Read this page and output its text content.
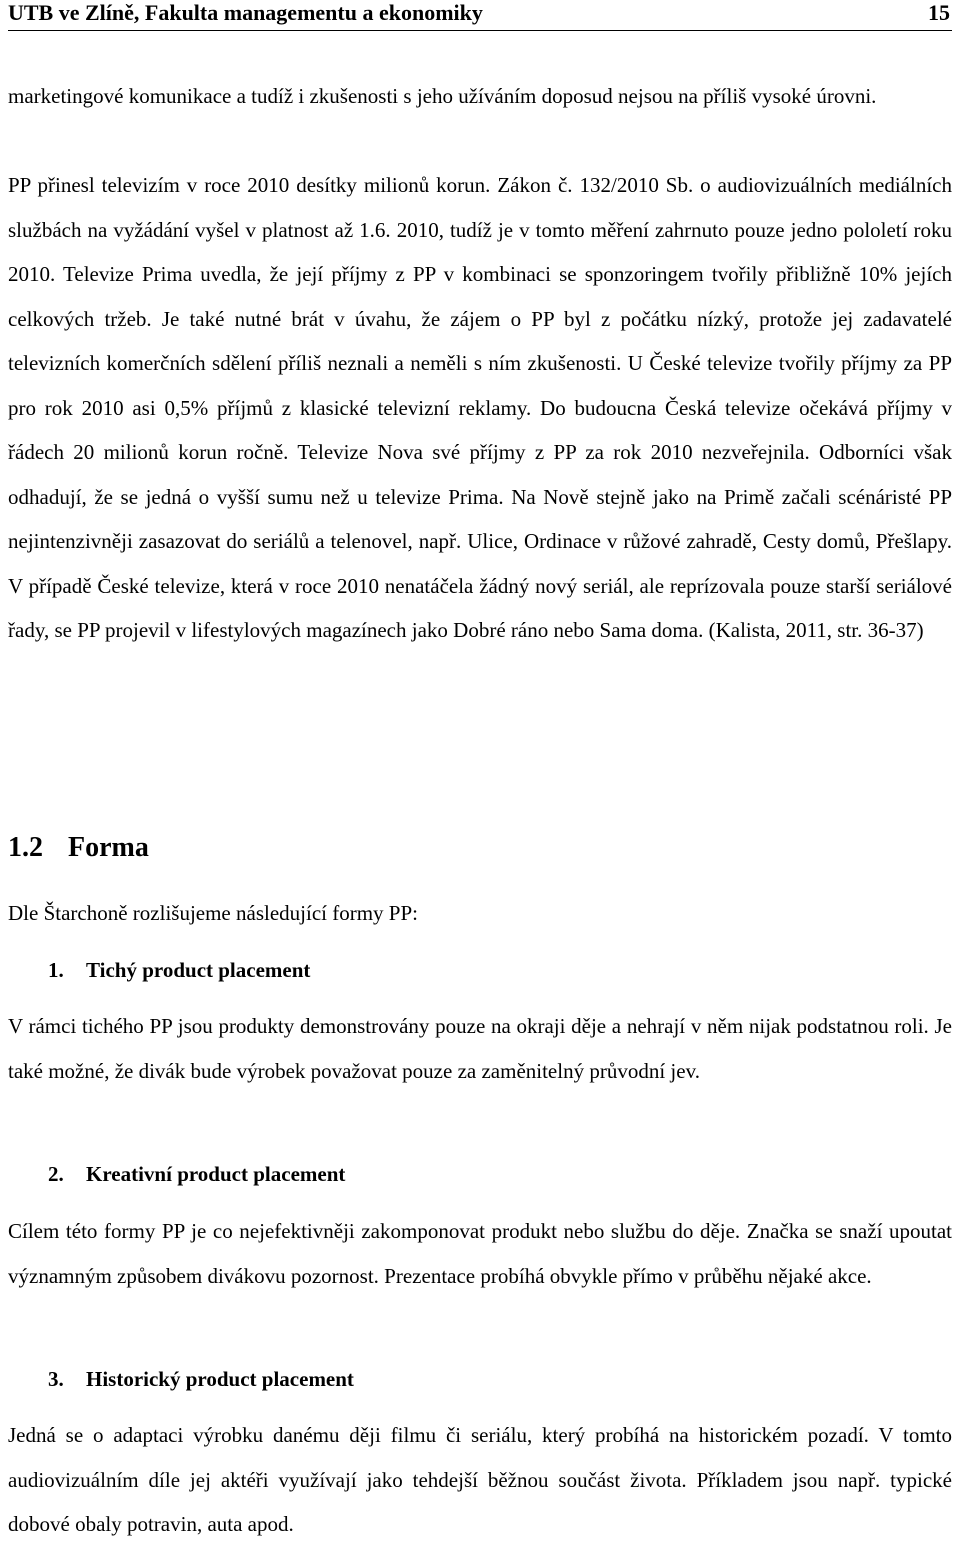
UTB ve Zlíně, Fakulta managementu a ekonomiky	15

marketingové komunikace a tudíž i zkušenosti s jeho užíváním doposud nejsou na příliš vysoké úrovni.

PP přinesl televizím v roce 2010 desítky milionů korun. Zákon č. 132/2010 Sb. o audiovizuálních mediálních službách na vyžádání vyšel v platnost až 1.6. 2010, tudíž je v tomto měření zahrnuto pouze jedno pololetí roku 2010. Televize Prima uvedla, že její příjmy z PP v kombinaci se sponzoringem tvořily přibližně 10% jejích celkových tržeb. Je také nutné brát v úvahu, že zájem o PP byl z počátku nízký, protože jej zadavatelé televizních komerčních sdělení příliš neznali a neměli s ním zkušenosti. U České televize tvořily příjmy za PP pro rok 2010 asi 0,5% příjmů z klasické televizní reklamy. Do budoucna Česká televize očekává příjmy v řádech 20 milionů korun ročně. Televize Nova své příjmy z PP za rok 2010 nezveřejnila. Odborníci však odhadují, že se jedná o vyšší sumu než u televize Prima. Na Nově stejně jako na Primě začali scénáristé PP nejintenzivněji zasazovat do seriálů a telenovel, např. Ulice, Ordinace v růžové zahradě, Cesty domů, Přešlapy. V případě České televize, která v roce 2010 nenatáčela žádný nový seriál, ale reprízovala pouze starší seriálové řady, se PP projevil v lifestylových magazínech jako Dobré ráno nebo Sama doma. (Kalista, 2011, str. 36-37)

1.2 Forma

Dle Štarchoně rozlišujeme následující formy PP:

1. Tichý product placement

V rámci tichého PP jsou produkty demonstrovány pouze na okraji děje a nehrají v něm nijak podstatnou roli. Je také možné, že divák bude výrobek považovat pouze za zaměnitelný průvodní jev.

2. Kreativní product placement

Cílem této formy PP je co nejefektivněji zakomponovat produkt nebo službu do děje. Značka se snaží upoutat významným způsobem divákovu pozornost. Prezentace probíhá obvykle přímo v průběhu nějaké akce.

3. Historický product placement

Jedná se o adaptaci výrobku danému ději filmu či seriálu, který probíhá na historickém pozadí. V tomto audiovizuálním díle jej aktéři využívají jako tehdejší běžnou součást života. Příkladem jsou např. typické dobové obaly potravin, auta apod.
